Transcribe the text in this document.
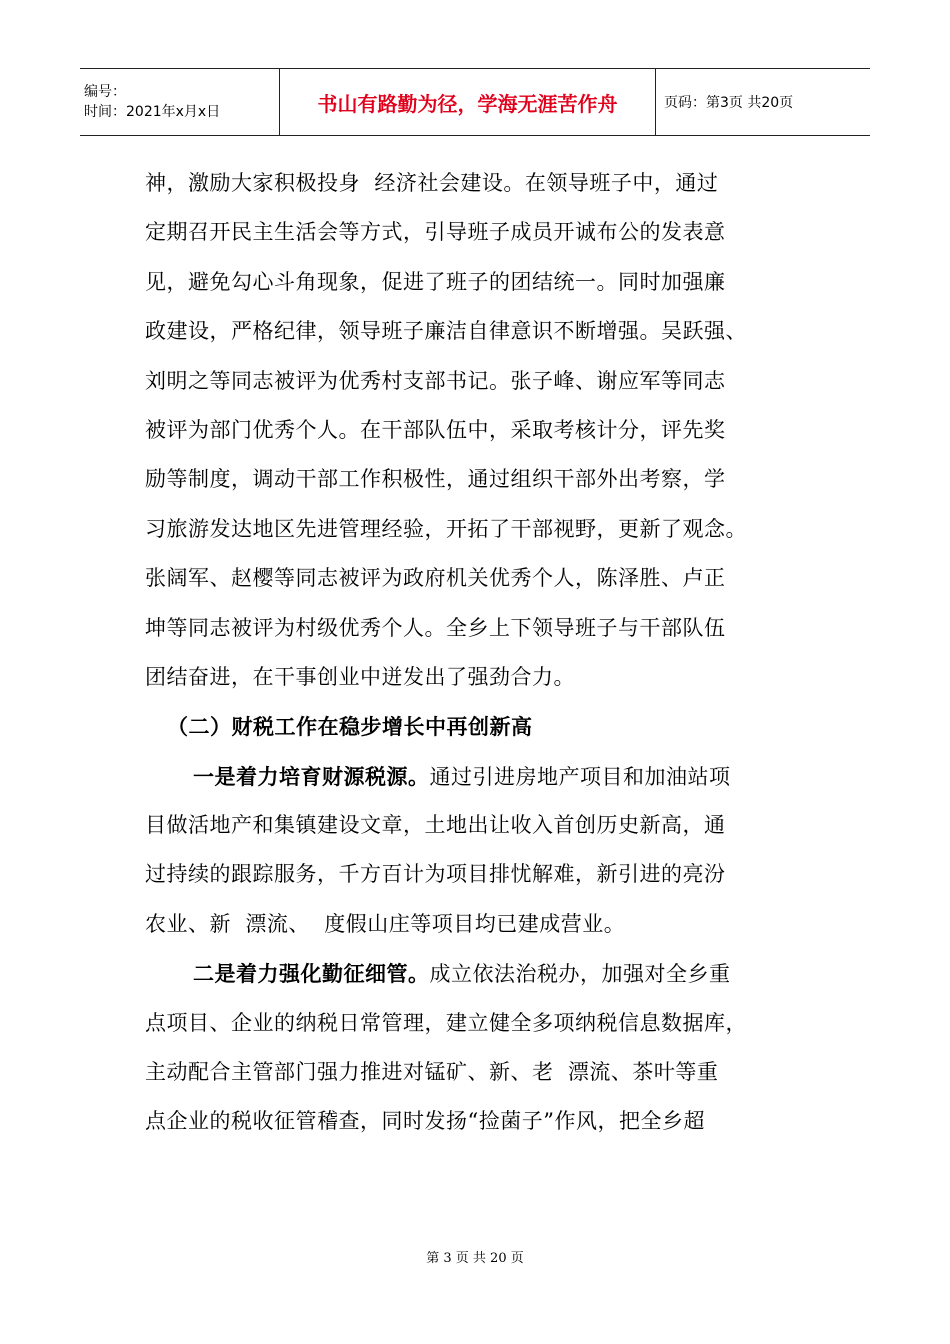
编号：
时间：2021年x月x日	书山有路勤为径，学海无涯苦作舟	页码：第3页 共20页
神，激励大家积极投身  经济社会建设。在领导班子中，通过
定期召开民主生活会等方式，引导班子成员开诚布公的发表意
见，避免勾心斗角现象，促进了班子的团结统一。同时加强廉
政建设，严格纪律，领导班子廉洁自律意识不断增强。吴跃强、
刘明之等同志被评为优秀村支部书记。张子峰、谢应军等同志
被评为部门优秀个人。在干部队伍中，采取考核计分，评先奖
励等制度，调动干部工作积极性，通过组织干部外出考察，学
习旅游发达地区先进管理经验，开拓了干部视野，更新了观念。
张阔军、赵樱等同志被评为政府机关优秀个人，陈泽胜、卢正
坤等同志被评为村级优秀个人。全乡上下领导班子与干部队伍
团结奋进，在干事创业中迸发出了强劲合力。
（二）财税工作在稳步增长中再创新高
一是着力培育财源税源。通过引进房地产项目和加油站项
目做活地产和集镇建设文章，土地出让收入首创历史新高，通
过持续的跟踪服务，千方百计为项目排忧解难，新引进的亮汾
农业、新  漂流、  度假山庄等项目均已建成营业。
二是着力强化勤征细管。成立依法治税办，加强对全乡重
点项目、企业的纳税日常管理，建立健全多项纳税信息数据库，
主动配合主管部门强力推进对锰矿、新、老  漂流、茶叶等重
点企业的税收征管稽查，同时发扬“捡菌子”作风，把全乡超
第 3 页 共 20 页
